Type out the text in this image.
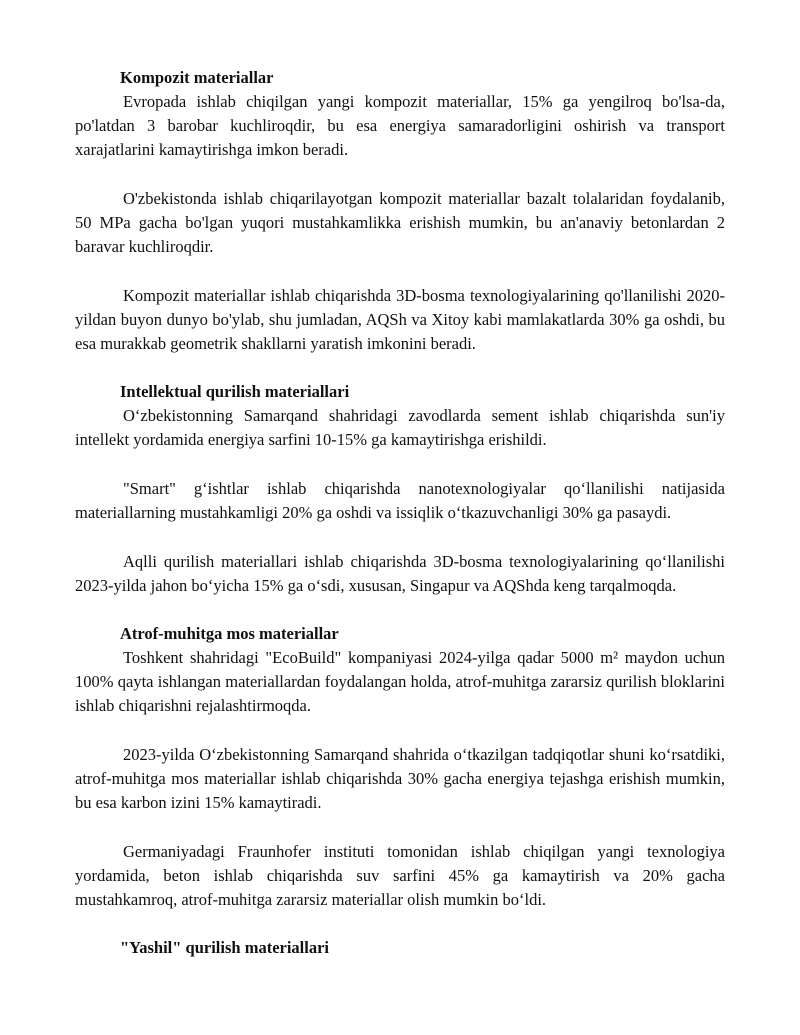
Kompozit materiallar

Evropada ishlab chiqilgan yangi kompozit materiallar, 15% ga yengilroq bo'lsa-da, po'latdan 3 barobar kuchliroqdir, bu esa energiya samaradorligini oshirish va transport xarajatlarini kamaytirishga imkon beradi.

O'zbekistonda ishlab chiqarilayotgan kompozit materiallar bazalt tolalaridan foydalanib, 50 MPa gacha bo'lgan yuqori mustahkamlikka erishish mumkin, bu an'anaviy betonlardan 2 baravar kuchliroqdir.

Kompozit materiallar ishlab chiqarishda 3D-bosma texnologiyalarining qo'llanilishi 2020-yildan buyon dunyo bo'ylab, shu jumladan, AQSh va Xitoy kabi mamlakatlarda 30% ga oshdi, bu esa murakkab geometrik shakllarni yaratish imkonini beradi.

Intellektual qurilish materiallari

O‘zbekistonning Samarqand shahridagi zavodlarda sement ishlab chiqarishda sun'iy intellekt yordamida energiya sarfini 10-15% ga kamaytirishga erishildi.

"Smart" g‘ishtlar ishlab chiqarishda nanotexnologiyalar qo‘llanilishi natijasida materiallarning mustahkamligi 20% ga oshdi va issiqlik o‘tkazuvchanligi 30% ga pasaydi.

Aqlli qurilish materiallari ishlab chiqarishda 3D-bosma texnologiyalarining qo‘llanilishi 2023-yilda jahon bo‘yicha 15% ga o‘sdi, xususan, Singapur va AQShda keng tarqalmoqda.

Atrof-muhitga mos materiallar

Toshkent shahridagi "EcoBuild" kompaniyasi 2024-yilga qadar 5000 m² maydon uchun 100% qayta ishlangan materiallardan foydalangan holda, atrof-muhitga zararsiz qurilish bloklarini ishlab chiqarishni rejalashtirmoqda.

2023-yilda O‘zbekistonning Samarqand shahrida o‘tkazilgan tadqiqotlar shuni ko‘rsatdiki, atrof-muhitga mos materiallar ishlab chiqarishda 30% gacha energiya tejashga erishish mumkin, bu esa karbon izini 15% kamaytiradi.

Germaniyadagi Fraunhofer instituti tomonidan ishlab chiqilgan yangi texnologiya yordamida, beton ishlab chiqarishda suv sarfini 45% ga kamaytirish va 20% gacha mustahkamroq, atrof-muhitga zararsiz materiallar olish mumkin bo‘ldi.

"Yashil" qurilish materiallari
